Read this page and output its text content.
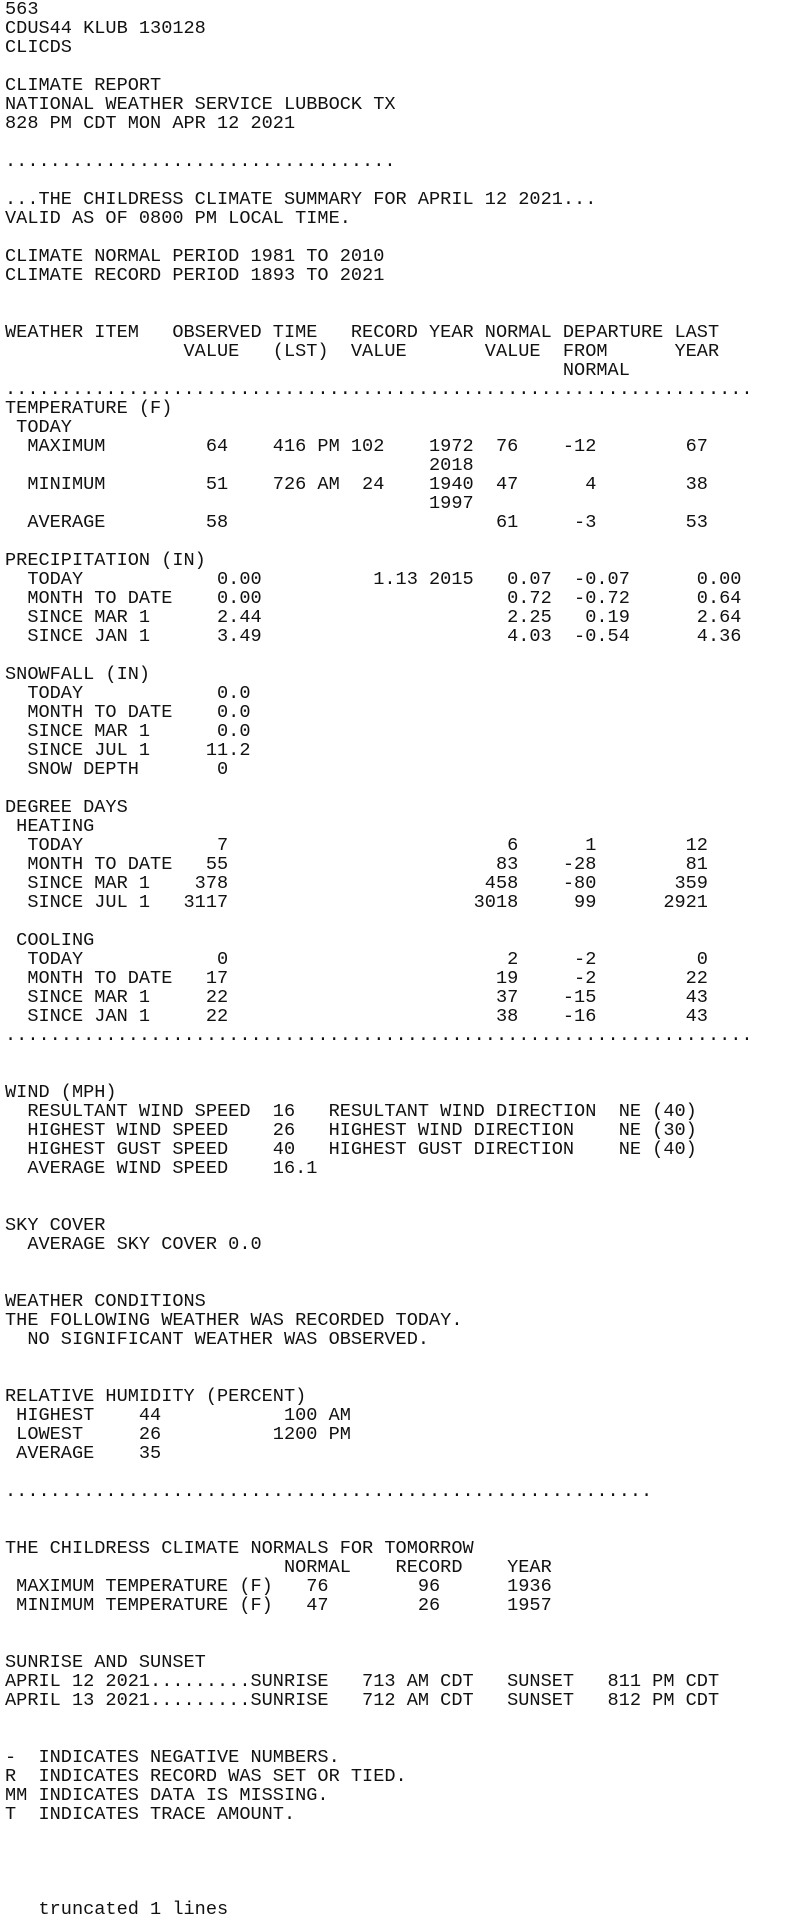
563
CDUS44 KLUB 130128
CLICDS

CLIMATE REPORT
NATIONAL WEATHER SERVICE LUBBOCK TX
828 PM CDT MON APR 12 2021

...................................

...THE CHILDRESS CLIMATE SUMMARY FOR APRIL 12 2021...
VALID AS OF 0800 PM LOCAL TIME.

CLIMATE NORMAL PERIOD 1981 TO 2010
CLIMATE RECORD PERIOD 1893 TO 2021

WEATHER ITEM   OBSERVED TIME   RECORD YEAR NORMAL DEPARTURE LAST
VALUE   (LST)  VALUE       VALUE  FROM      YEAR
NORMAL
...................................................................
TEMPERATURE (F)
TODAY
MAXIMUM         64    416 PM 102    1972  76    -12        67
2018
MINIMUM         51    726 AM  24    1940  47      4        38
1997
AVERAGE         58                        61     -3        53

PRECIPITATION (IN)
TODAY            0.00          1.13 2015   0.07  -0.07      0.00
MONTH TO DATE    0.00                      0.72  -0.72      0.64
SINCE MAR 1      2.44                      2.25   0.19      2.64
SINCE JAN 1      3.49                      4.03  -0.54      4.36

SNOWFALL (IN)
TODAY            0.0
MONTH TO DATE    0.0
SINCE MAR 1      0.0
SINCE JUL 1     11.2
SNOW DEPTH       0

DEGREE DAYS
HEATING
TODAY            7                         6      1        12
MONTH TO DATE   55                        83    -28        81
SINCE MAR 1    378                       458    -80       359
SINCE JUL 1   3117                      3018     99      2921

COOLING
TODAY            0                         2     -2         0
MONTH TO DATE   17                        19     -2        22
SINCE MAR 1     22                        37    -15        43
SINCE JAN 1     22                        38    -16        43
...................................................................

WIND (MPH)
RESULTANT WIND SPEED  16   RESULTANT WIND DIRECTION  NE (40)
HIGHEST WIND SPEED    26   HIGHEST WIND DIRECTION    NE (30)
HIGHEST GUST SPEED    40   HIGHEST GUST DIRECTION    NE (40)
AVERAGE WIND SPEED    16.1

SKY COVER
AVERAGE SKY COVER 0.0

WEATHER CONDITIONS
THE FOLLOWING WEATHER WAS RECORDED TODAY.
NO SIGNIFICANT WEATHER WAS OBSERVED.

RELATIVE HUMIDITY (PERCENT)
HIGHEST    44           100 AM
LOWEST     26          1200 PM
AVERAGE    35

..........................................................

THE CHILDRESS CLIMATE NORMALS FOR TOMORROW
NORMAL    RECORD    YEAR
MAXIMUM TEMPERATURE (F)   76        96      1936
MINIMUM TEMPERATURE (F)   47        26      1957

SUNRISE AND SUNSET
APRIL 12 2021.........SUNRISE   713 AM CDT   SUNSET   811 PM CDT
APRIL 13 2021.........SUNRISE   712 AM CDT   SUNSET   812 PM CDT

-  INDICATES NEGATIVE NUMBERS.
R  INDICATES RECORD WAS SET OR TIED.
MM INDICATES DATA IS MISSING.
T  INDICATES TRACE AMOUNT.

truncated 1 lines
